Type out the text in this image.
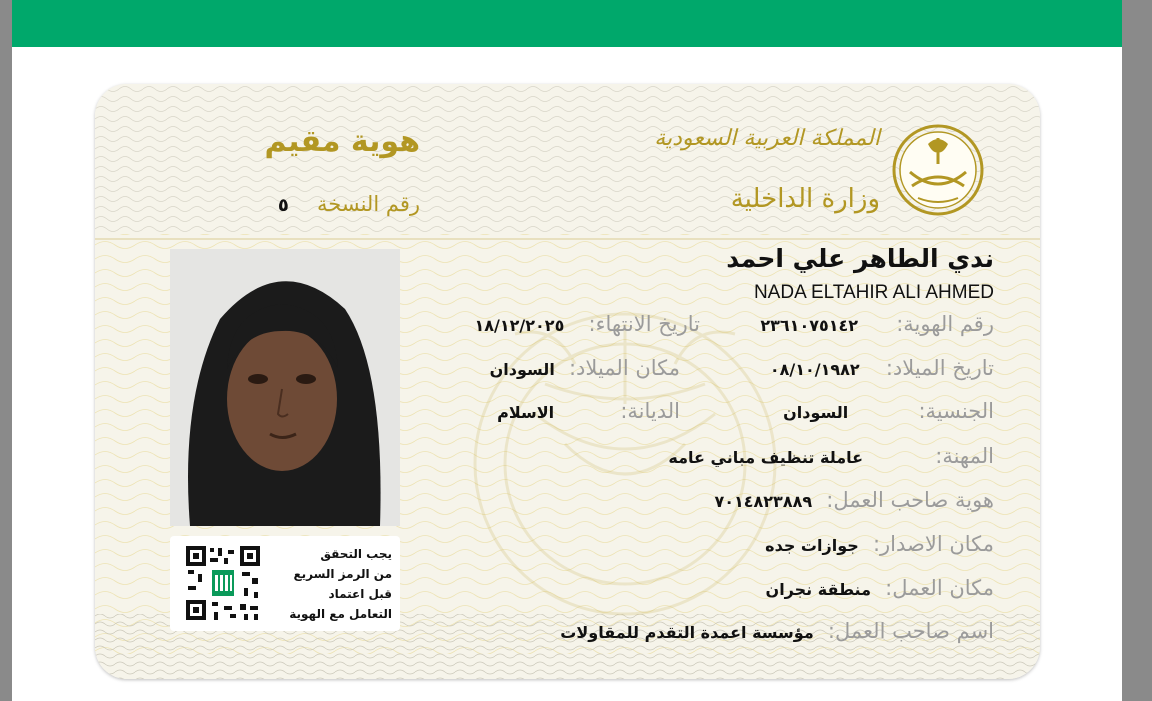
هوية مقيم
رقم النسخة  ٥
المملكة العربية السعودية
وزارة الداخلية
يجب التحقق
من الرمز السريع
قبل اعتماد
التعامل مع الهوية
ندي الطاهر علي احمد
NADA ELTAHIR ALI AHMED
رقم الهوية:  ٢٣٦١٠٧٥١٤٢
تاريخ الميلاد:  ٠٨/١٠/١٩٨٢
الجنسية:  السودان
المهنة:  عاملة تنظيف مباني عامه
هوية صاحب العمل:  ٧٠١٤٨٢٣٨٨٩
مكان الاصدار:  جوازات جده
مكان العمل:  منطقة نجران
اسم صاحب العمل:  مؤسسة اعمدة التقدم للمقاولات
تاريخ الانتهاء:  ١٨/١٢/٢٠٢٥
مكان الميلاد:  السودان
الديانة:  الاسلام
